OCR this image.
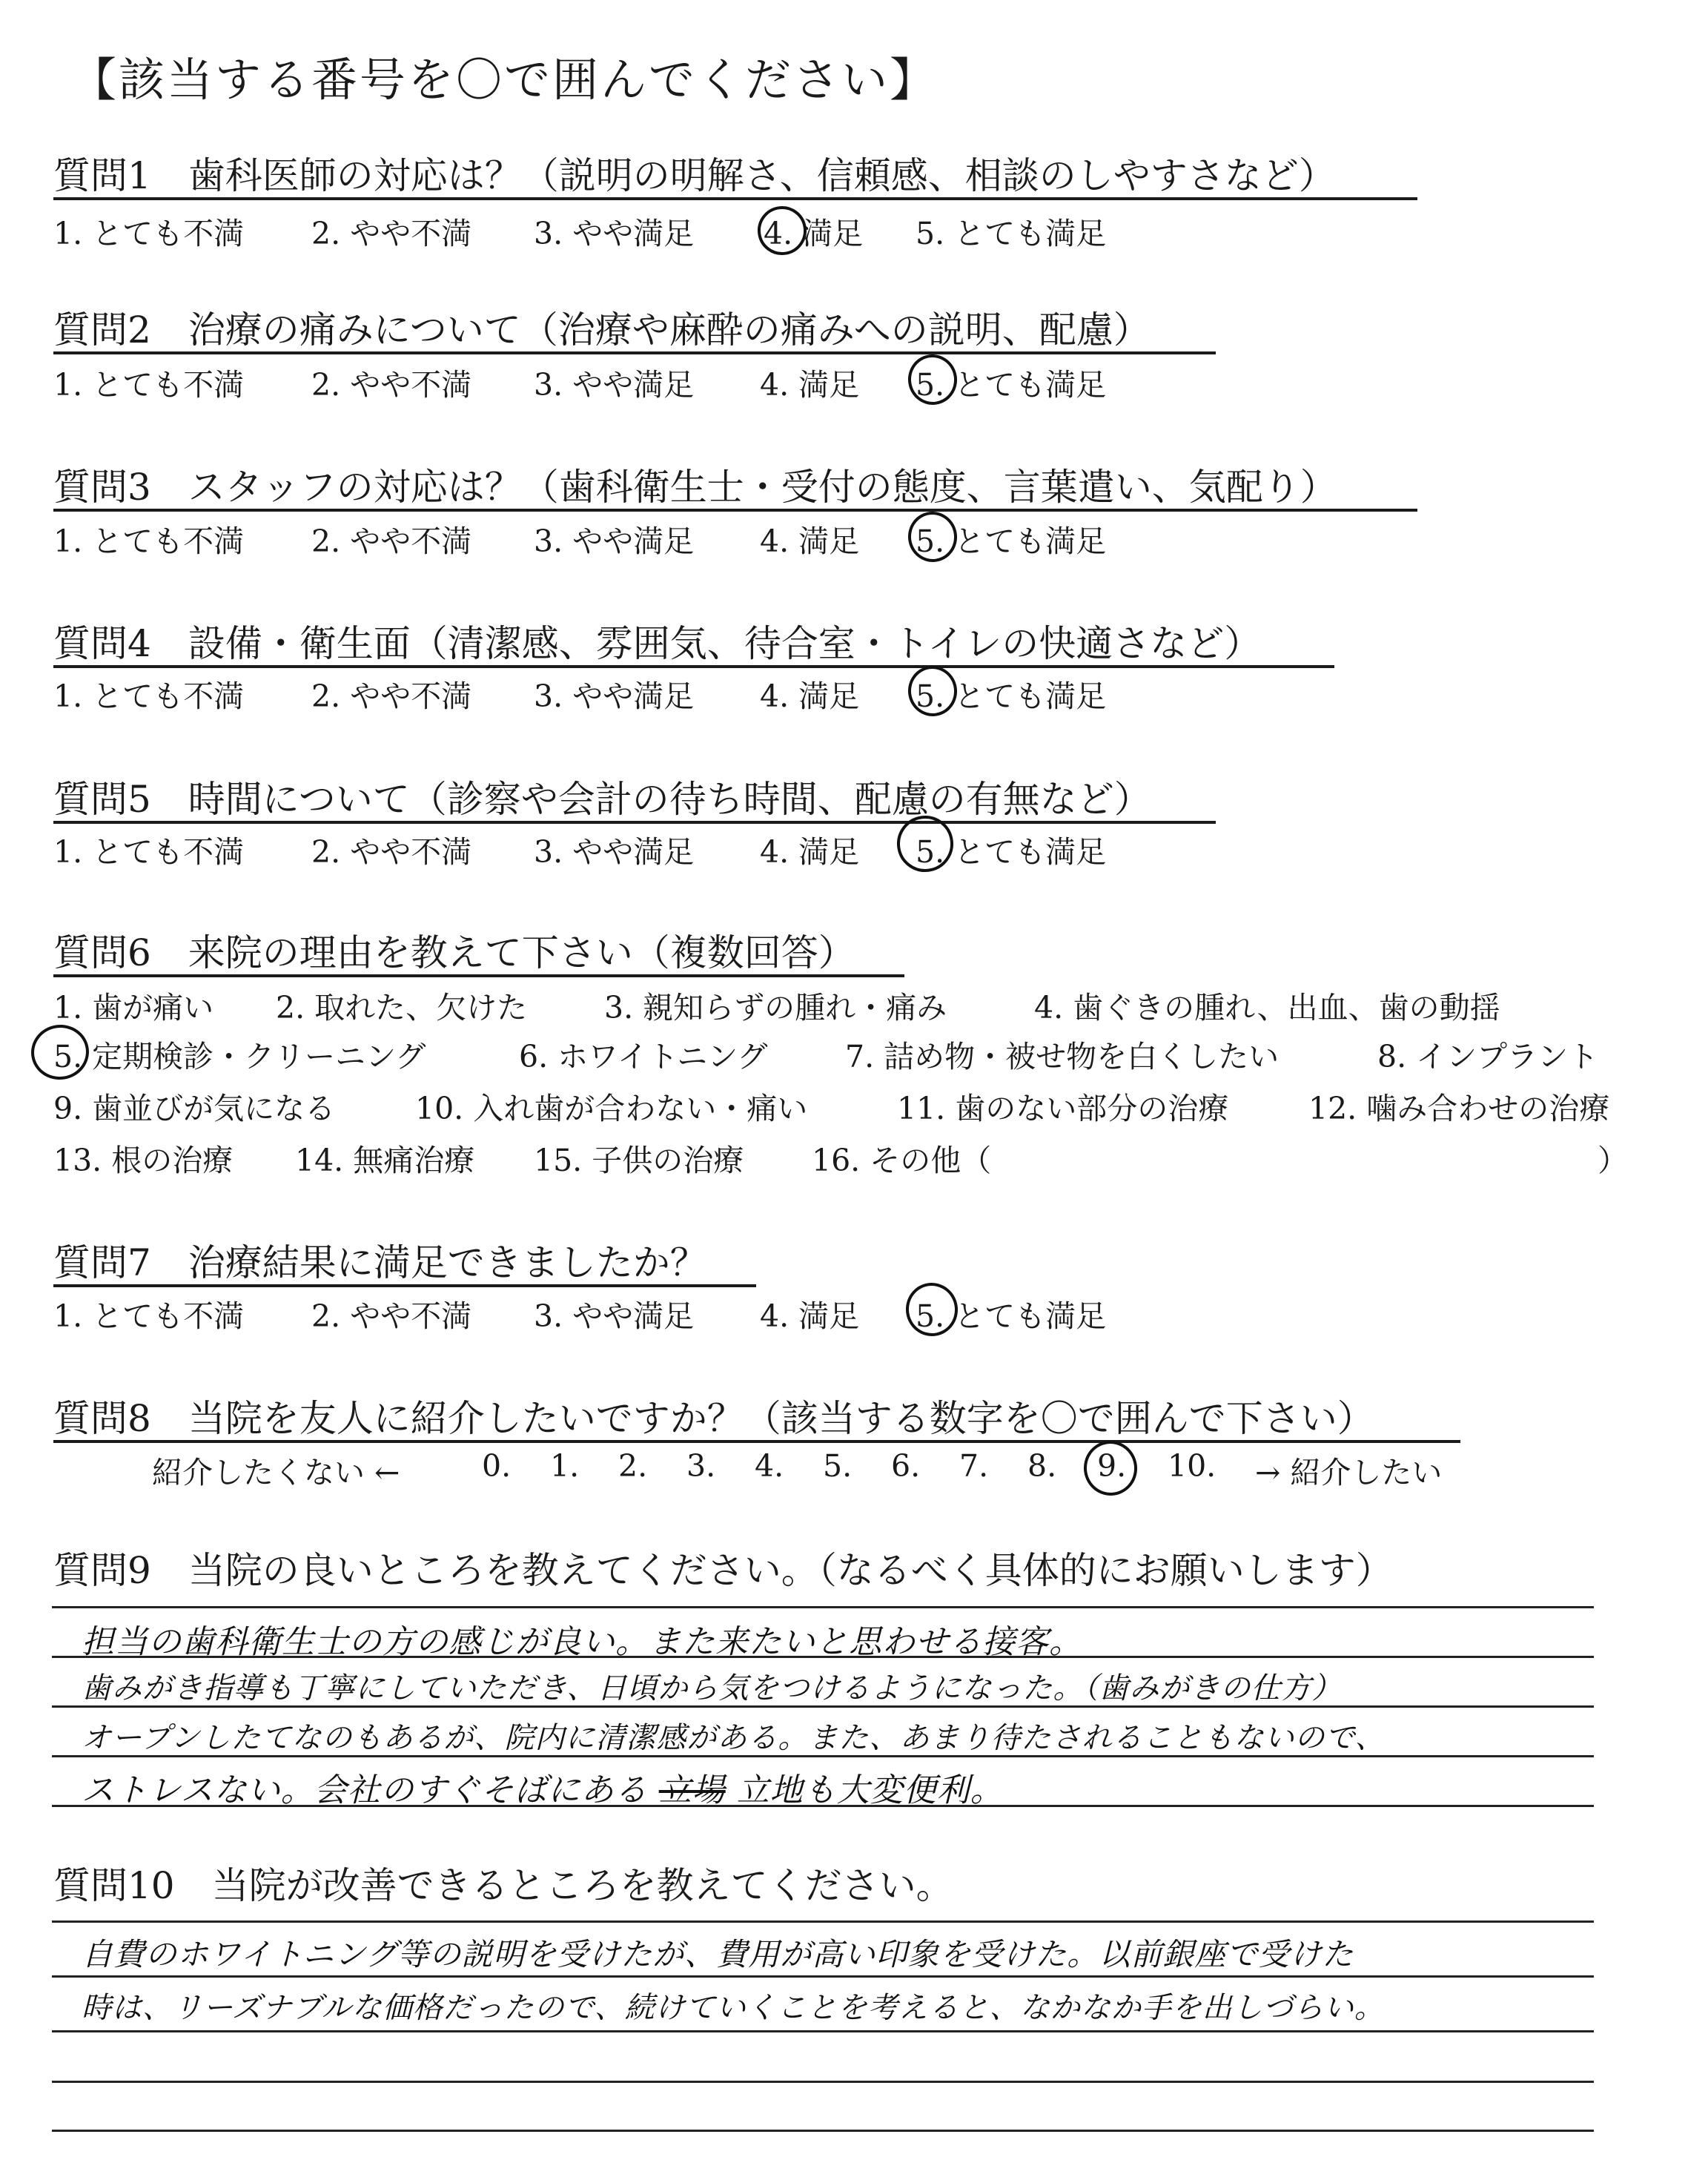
【該当する番号を〇で囲んでください】
質問1　歯科医師の対応は？（説明の明解さ、信頼感、相談のしやすさなど）
1. とても不満 2. やや不満 3. やや満足 4. 満足 5. とても満足
質問2　治療の痛みについて（治療や麻酔の痛みへの説明、配慮）
1. とても不満 2. やや不満 3. やや満足 4. 満足 5. とても満足
質問3　スタッフの対応は？（歯科衛生士・受付の態度、言葉遣い、気配り）
1. とても不満 2. やや不満 3. やや満足 4. 満足 5. とても満足
質問4　設備・衛生面（清潔感、雰囲気、待合室・トイレの快適さなど）
1. とても不満 2. やや不満 3. やや満足 4. 満足 5. とても満足
質問5　時間について（診察や会計の待ち時間、配慮の有無など）
1. とても不満 2. やや不満 3. やや満足 4. 満足 5. とても満足
質問6　来院の理由を教えて下さい（複数回答）
1. 歯が痛い 2. 取れた、欠けた	3. 親知らずの腫れ・痛み	4. 歯ぐきの腫れ、出血、歯の動揺
5. 定期検診・クリーニング	6. ホワイトニング	7. 詰め物・被せ物を白くしたい	8. インプラント
9. 歯並びが気になる	10. 入れ歯が合わない・痛い	11. 歯のない部分の治療	12. 噛み合わせの治療
13. 根の治療 14. 無痛治療 15. 子供の治療 16. その他（	）
質問7　治療結果に満足できましたか？
1. とても不満 2. やや不満 3. やや満足 4. 満足 5. とても満足
質問8　当院を友人に紹介したいですか？（該当する数字を〇で囲んで下さい）
紹介したくない ←	0. 1. 2. 3. 4. 5. 6. 7. 8. 9. 10. → 紹介したい
質問9　当院の良いところを教えてください。（なるべく具体的にお願いします）
担当の歯科衛生士の方の感じが良い。また来たいと思わせる接客。
歯みがき指導も丁寧にしていただき、日頃から気をつけるようになった。（歯みがきの仕方）
オープンしたてなのもあるが、院内に清潔感がある。また、あまり待たされることもないので、
ストレスない。会社のすぐそばにある 立場 立地も大変便利。
質問10　当院が改善できるところを教えてください。
自費のホワイトニング等の説明を受けたが、費用が高い印象を受けた。以前銀座で受けた
時は、リーズナブルな価格だったので、続けていくことを考えると、なかなか手を出しづらい。
